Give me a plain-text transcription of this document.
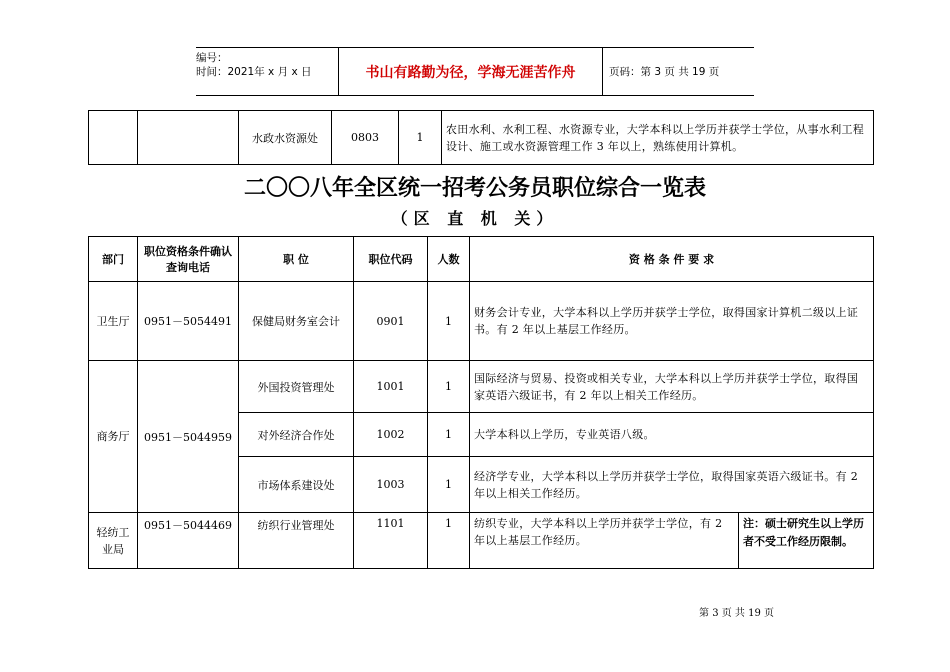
编号：
时间：2021年 x 月 x 日	书山有路勤为径，学海无涯苦作舟	页码：第 3 页 共 19 页
		水政水资源处	0803	1	农田水利、水利工程、水资源专业，大学本科以上学历并获学士学位，从事水利工程设计、施工或水资源管理工作 3 年以上，熟练使用计算机。
二〇〇八年全区统一招考公务员职位综合一览表
（区 直 机 关）
部门	职位资格条件确认查询电话	职 位	职位代码	人数	资 格 条 件 要 求	
卫生厅	0951－5054491	保健局财务室会计	0901	1	财务会计专业，大学本科以上学历并获学士学位，取得国家计算机二级以上证书。有 2 年以上基层工作经历。	
商务厅	0951－5044959	外国投资管理处	1001	1	国际经济与贸易、投资或相关专业，大学本科以上学历并获学士学位，取得国家英语六级证书，有 2 年以上相关工作经历。	
		对外经济合作处	1002	1	大学本科以上学历，专业英语八级。	
		市场体系建设处	1003	1	经济学专业，大学本科以上学历并获学士学位，取得国家英语六级证书。有 2 年以上相关工作经历。	
轻纺工业局	0951－5044469	纺织行业管理处	1101	1	纺织专业，大学本科以上学历并获学士学位，有 2 年以上基层工作经历。	注：硕士研究生以上学历者不受工作经历限制。
第 3 页 共 19 页
